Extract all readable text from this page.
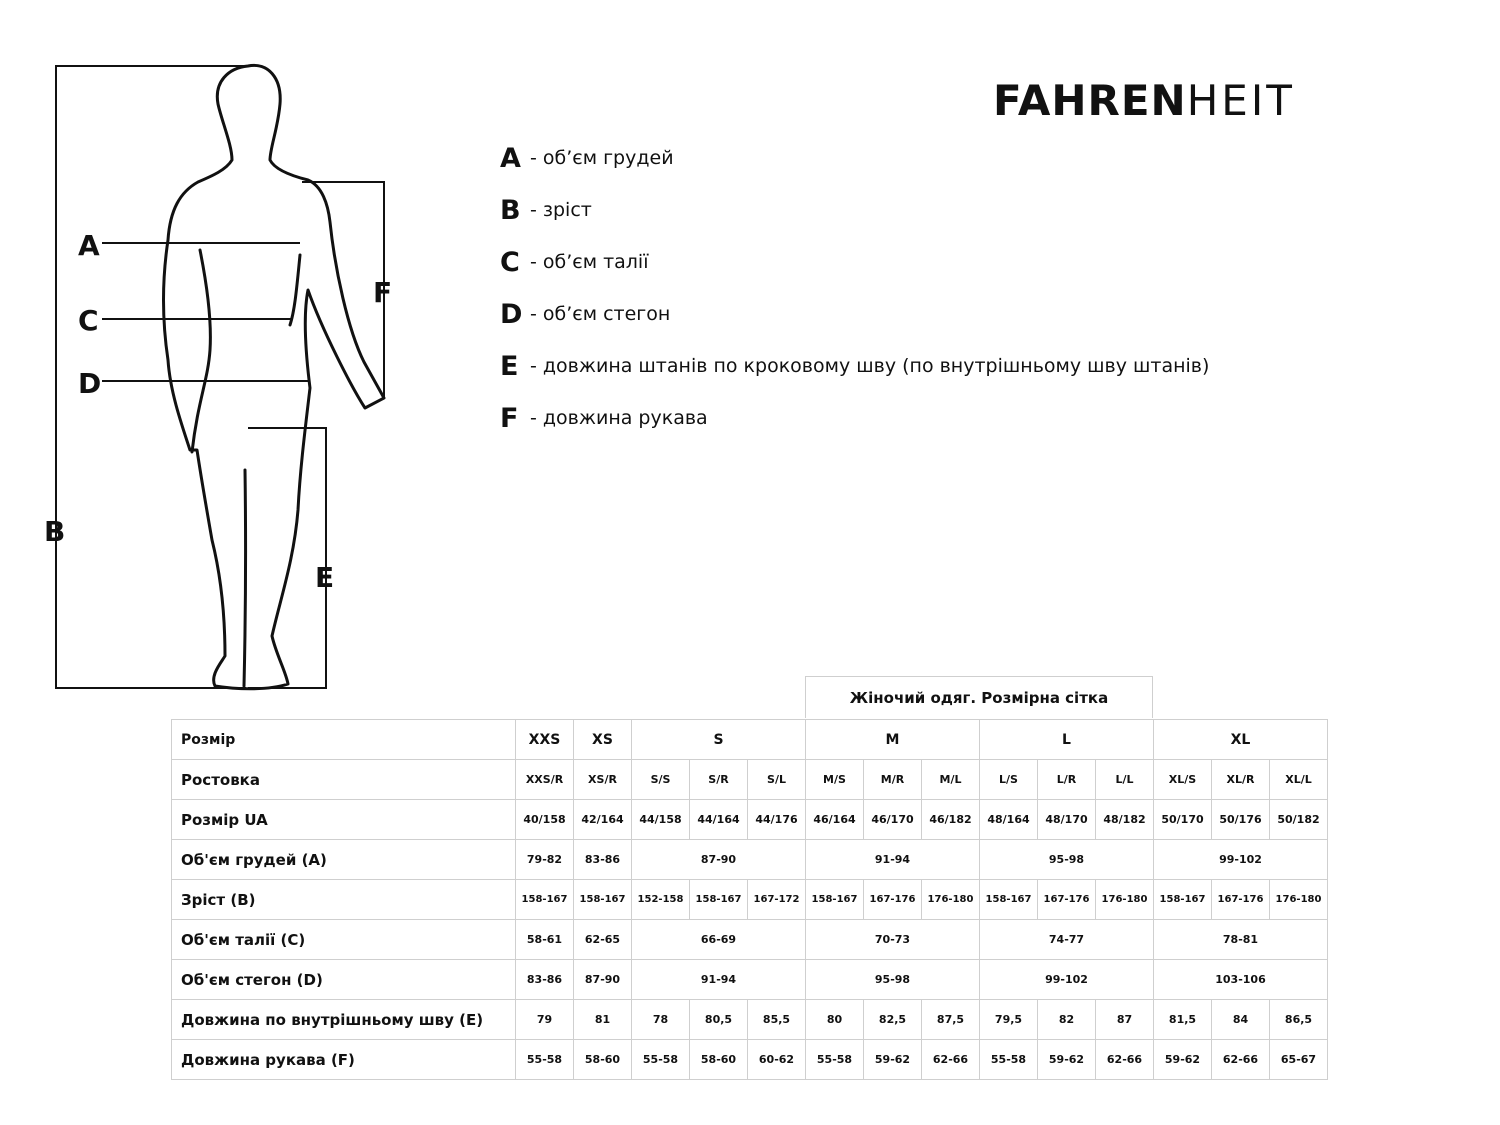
A
C
D
B
F
E
FAHRENHEIT
A - об’єм грудей
B - зріст
C - об’єм талії
D - об’єм стегон
E - довжина штанів по кроковому шву (по внутрішньому шву штанів)
F - довжина рукава
Жіночий одяг. Розмірна сітка
Розмір	XXS	XS	S			M			L			XL		
Ростовка	XXS/R	XS/R	S/S	S/R	S/L	M/S	M/R	M/L	L/S	L/R	L/L	XL/S	XL/R	XL/L
Розмір UA	40/158	42/164	44/158	44/164	44/176	46/164	46/170	46/182	48/164	48/170	48/182	50/170	50/176	50/182
Об'єм грудей (A)	79-82	83-86	87-90			91-94			95-98			99-102		
Зріст (B)	158-167	158-167	152-158	158-167	167-172	158-167	167-176	176-180	158-167	167-176	176-180	158-167	167-176	176-180
Об'єм талії (C)	58-61	62-65	66-69			70-73			74-77			78-81		
Об'єм стегон (D)	83-86	87-90	91-94			95-98			99-102			103-106		
Довжина по внутрішньому шву (E)	79	81	78	80,5	85,5	80	82,5	87,5	79,5	82	87	81,5	84	86,5
Довжина рукава (F)	55-58	58-60	55-58	58-60	60-62	55-58	59-62	62-66	55-58	59-62	62-66	59-62	62-66	65-67
